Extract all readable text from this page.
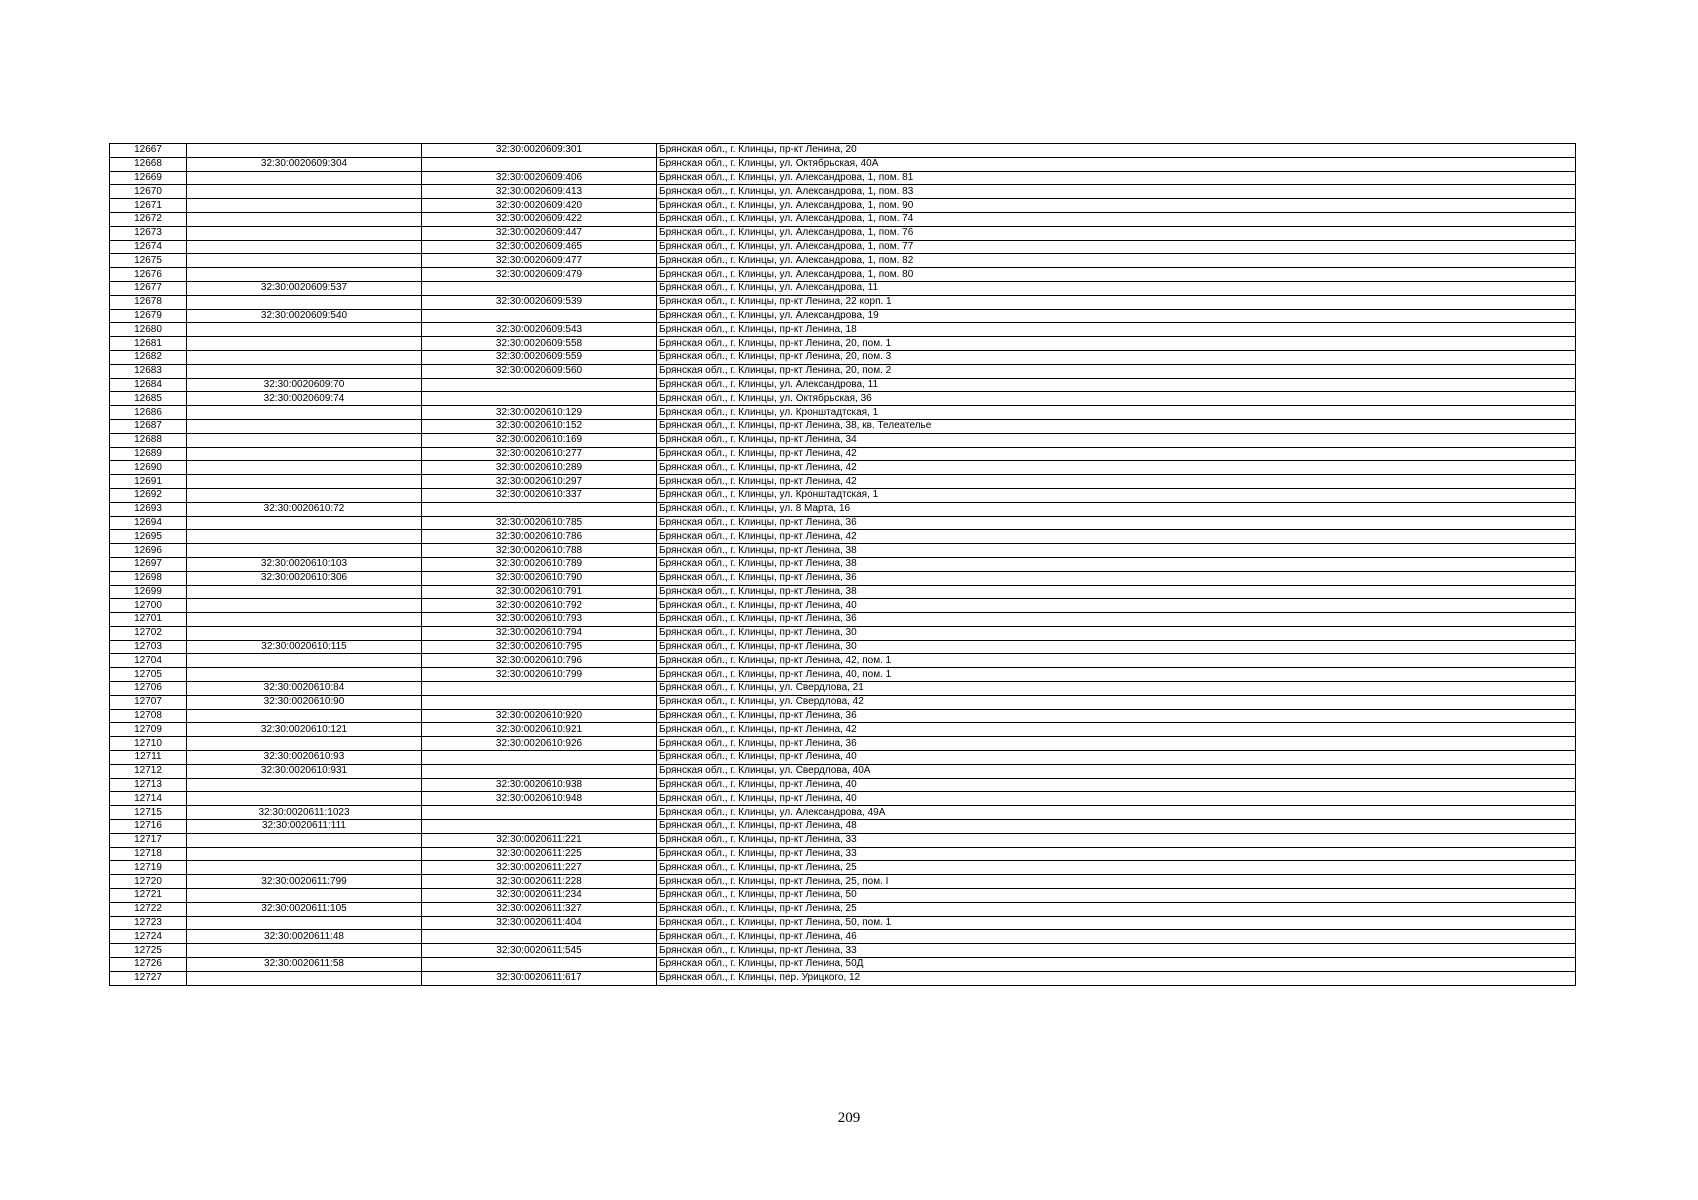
12667		32:30:0020609:301	Брянская обл., г. Клинцы, пр-кт Ленина, 20
12668	32:30:0020609:304		Брянская обл., г. Клинцы, ул. Октябрьская, 40А
12669		32:30:0020609:406	Брянская обл., г. Клинцы, ул. Александрова, 1, пом. 81
12670		32:30:0020609:413	Брянская обл., г. Клинцы, ул. Александрова, 1, пом. 83
12671		32:30:0020609:420	Брянская обл., г. Клинцы, ул. Александрова, 1, пом. 90
12672		32:30:0020609:422	Брянская обл., г. Клинцы, ул. Александрова, 1, пом. 74
12673		32:30:0020609:447	Брянская обл., г. Клинцы, ул. Александрова, 1, пом. 76
12674		32:30:0020609:465	Брянская обл., г. Клинцы, ул. Александрова, 1, пом. 77
12675		32:30:0020609:477	Брянская обл., г. Клинцы, ул. Александрова, 1, пом. 82
12676		32:30:0020609:479	Брянская обл., г. Клинцы, ул. Александрова, 1, пом. 80
12677	32:30:0020609:537		Брянская обл., г. Клинцы, ул. Александрова, 11
12678		32:30:0020609:539	Брянская обл., г. Клинцы, пр-кт Ленина, 22 корп. 1
12679	32:30:0020609:540		Брянская обл., г. Клинцы, ул. Александрова, 19
12680		32:30:0020609:543	Брянская обл., г. Клинцы, пр-кт Ленина, 18
12681		32:30:0020609:558	Брянская обл., г. Клинцы, пр-кт Ленина, 20, пом. 1
12682		32:30:0020609:559	Брянская обл., г. Клинцы, пр-кт Ленина, 20, пом. 3
12683		32:30:0020609:560	Брянская обл., г. Клинцы, пр-кт Ленина, 20, пом. 2
12684	32:30:0020609:70		Брянская обл., г. Клинцы, ул. Александрова, 11
12685	32:30:0020609:74		Брянская обл., г. Клинцы, ул. Октябрьская, 36
12686		32:30:0020610:129	Брянская обл., г. Клинцы, ул. Кронштадтская, 1
12687		32:30:0020610:152	Брянская обл., г. Клинцы, пр-кт Ленина, 38, кв. Телеателье
12688		32:30:0020610:169	Брянская обл., г. Клинцы, пр-кт Ленина, 34
12689		32:30:0020610:277	Брянская обл., г. Клинцы, пр-кт Ленина, 42
12690		32:30:0020610:289	Брянская обл., г. Клинцы, пр-кт Ленина, 42
12691		32:30:0020610:297	Брянская обл., г. Клинцы, пр-кт Ленина, 42
12692		32:30:0020610:337	Брянская обл., г. Клинцы, ул. Кронштадтская, 1
12693	32:30:0020610:72		Брянская обл., г. Клинцы, ул. 8 Марта, 16
12694		32:30:0020610:785	Брянская обл., г. Клинцы, пр-кт Ленина, 36
12695		32:30:0020610:786	Брянская обл., г. Клинцы, пр-кт Ленина, 42
12696		32:30:0020610:788	Брянская обл., г. Клинцы, пр-кт Ленина, 38
12697	32:30:0020610:103	32:30:0020610:789	Брянская обл., г. Клинцы, пр-кт Ленина, 38
12698	32:30:0020610:306	32:30:0020610:790	Брянская обл., г. Клинцы, пр-кт Ленина, 36
12699		32:30:0020610:791	Брянская обл., г. Клинцы, пр-кт Ленина, 38
12700		32:30:0020610:792	Брянская обл., г. Клинцы, пр-кт Ленина, 40
12701		32:30:0020610:793	Брянская обл., г. Клинцы, пр-кт Ленина, 36
12702		32:30:0020610:794	Брянская обл., г. Клинцы, пр-кт Ленина, 30
12703	32:30:0020610:115	32:30:0020610:795	Брянская обл., г. Клинцы, пр-кт Ленина, 30
12704		32:30:0020610:796	Брянская обл., г. Клинцы, пр-кт Ленина, 42, пом. 1
12705		32:30:0020610:799	Брянская обл., г. Клинцы, пр-кт Ленина, 40, пом. 1
12706	32:30:0020610:84		Брянская обл., г. Клинцы, ул. Свердлова, 21
12707	32:30:0020610:90		Брянская обл., г. Клинцы, ул. Свердлова, 42
12708		32:30:0020610:920	Брянская обл., г. Клинцы, пр-кт Ленина, 36
12709	32:30:0020610:121	32:30:0020610:921	Брянская обл., г. Клинцы, пр-кт Ленина, 42
12710		32:30:0020610:926	Брянская обл., г. Клинцы, пр-кт Ленина, 36
12711	32:30:0020610:93		Брянская обл., г. Клинцы, пр-кт Ленина, 40
12712	32:30:0020610:931		Брянская обл., г. Клинцы, ул. Свердлова, 40А
12713		32:30:0020610:938	Брянская обл., г. Клинцы, пр-кт Ленина, 40
12714		32:30:0020610:948	Брянская обл., г. Клинцы, пр-кт Ленина, 40
12715	32:30:0020611:1023		Брянская обл., г. Клинцы, ул. Александрова, 49А
12716	32:30:0020611:111		Брянская обл., г. Клинцы, пр-кт Ленина, 48
12717		32:30:0020611:221	Брянская обл., г. Клинцы, пр-кт Ленина, 33
12718		32:30:0020611:225	Брянская обл., г. Клинцы, пр-кт Ленина, 33
12719		32:30:0020611:227	Брянская обл., г. Клинцы, пр-кт Ленина, 25
12720	32:30:0020611:799	32:30:0020611:228	Брянская обл., г. Клинцы, пр-кт Ленина, 25, пом. I
12721		32:30:0020611:234	Брянская обл., г. Клинцы, пр-кт Ленина, 50
12722	32:30:0020611:105	32:30:0020611:327	Брянская обл., г. Клинцы, пр-кт Ленина, 25
12723		32:30:0020611:404	Брянская обл., г. Клинцы, пр-кт Ленина, 50, пом. 1
12724	32:30:0020611:48		Брянская обл., г. Клинцы, пр-кт Ленина, 46
12725		32:30:0020611:545	Брянская обл., г. Клинцы, пр-кт Ленина, 33
12726	32:30:0020611:58		Брянская обл., г. Клинцы, пр-кт Ленина, 50Д
12727		32:30:0020611:617	Брянская обл., г. Клинцы, пер. Урицкого, 12
209
